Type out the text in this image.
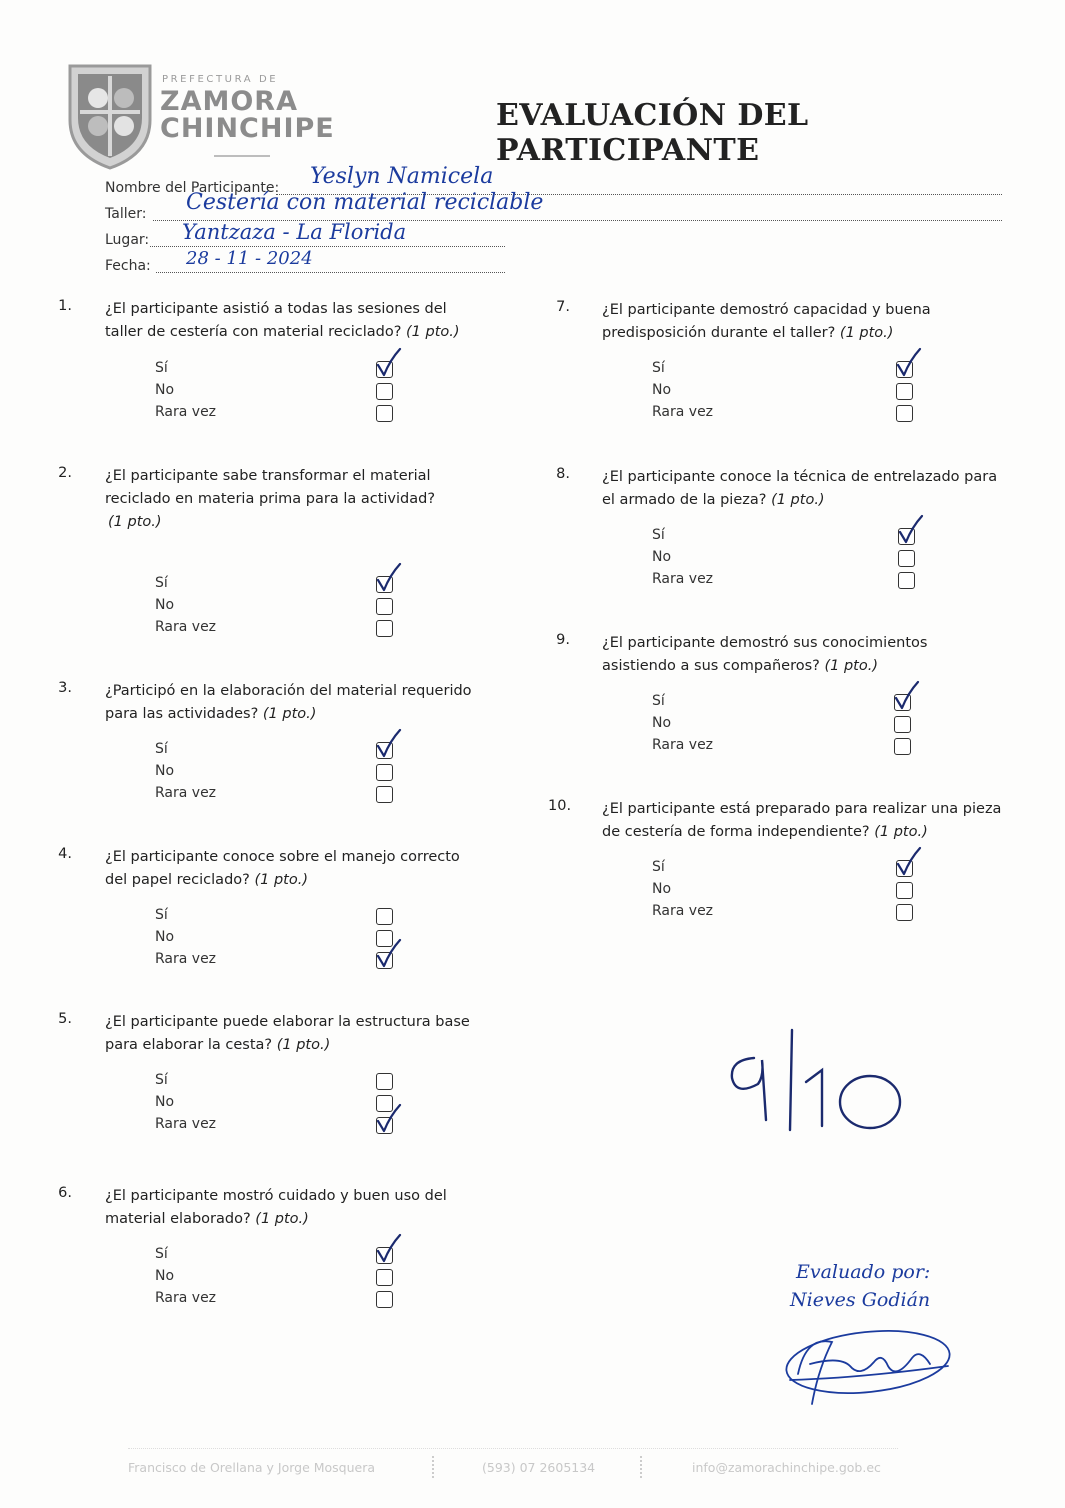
PREFECTURA DE
ZAMORA
CHINCHIPE	EVALUACIÓN DEL PARTICIPANTE
Nombre del Participante: Yeslyn Namicela
Taller: Cestería con material reciclable
Lugar: Yantzaza - La Florida
Fecha: 28 - 11 - 2024
1. ¿El participante asistió a todas las sesiones del
taller de cestería con material reciclado? (1 pto.)
Sí
No
Rara vez
2. ¿El participante sabe transformar el material
reciclado en materia prima para la actividad?
(1 pto.)
Sí
No
Rara vez
3. ¿Participó en la elaboración del material requerido
para las actividades? (1 pto.)
Sí
No
Rara vez
4. ¿El participante conoce sobre el manejo correcto
del papel reciclado? (1 pto.)
Sí
No
Rara vez
5. ¿El participante puede elaborar la estructura base
para elaborar la cesta? (1 pto.)
Sí
No
Rara vez
6. ¿El participante mostró cuidado y buen uso del
material elaborado? (1 pto.)
Sí
No
Rara vez
7. ¿El participante demostró capacidad y buena
predisposición durante el taller? (1 pto.)
Sí
No
Rara vez
8. ¿El participante conoce la técnica de entrelazado para
el armado de la pieza? (1 pto.)
Sí
No
Rara vez
9. ¿El participante demostró sus conocimientos
asistiendo a sus compañeros? (1 pto.)
Sí
No
Rara vez
10. ¿El participante está preparado para realizar una pieza
de cestería de forma independiente? (1 pto.)
Sí
No
Rara vez
Evaluado por:
Nieves Godián
Francisco de Orellana y Jorge Mosquera	(593) 07 2605134	info@zamorachinchipe.gob.ec
